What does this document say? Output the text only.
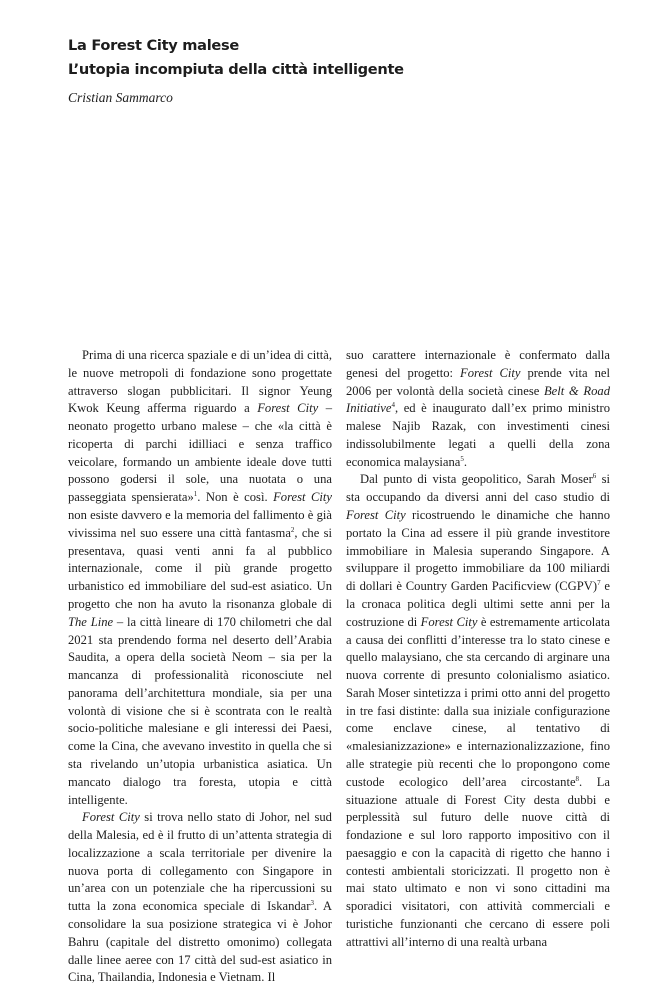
La Forest City malese
L’utopia incompiuta della città intelligente

Cristian Sammarco

Prima di una ricerca spaziale e di un’idea di città, le nuove metropoli di fondazione sono progettate attraverso slogan pubblicitari. Il signor Yeung Kwok Keung afferma riguardo a Forest City – neonato progetto urbano malese – che «la città è ricoperta di parchi idilliaci e senza traffico veicolare, formando un ambiente ideale dove tutti possono godersi il sole, una nuotata o una passeggiata spensierata»$^1$. Non è così. Forest City non esiste davvero e la memoria del fallimento è già vivissima nel suo essere una città fantasma$^2$, che si presentava, quasi venti anni fa al pubblico internazionale, come il più grande progetto urbanistico ed immobiliare del sud-est asiatico. Un progetto che non ha avuto la risonanza globale di The Line – la città lineare di 170 chilometri che dal 2021 sta prendendo forma nel deserto dell’Arabia Saudita, a opera della società Neom – sia per la mancanza di professionalità riconosciute nel panorama dell’architettura mondiale, sia per una volontà di visione che si è scontrata con le realtà socio-politiche malesiane e gli interessi dei Paesi, come la Cina, che avevano investito in quella che si sta rivelando un’utopia urbanistica asiatica. Un mancato dialogo tra foresta, utopia e città intelligente.

Forest City si trova nello stato di Johor, nel sud della Malesia, ed è il frutto di un’attenta strategia di localizzazione a scala territoriale per divenire la nuova porta di collegamento con Singapore in un’area con un potenziale che ha ripercussioni su tutta la zona economica speciale di Iskandar$^3$. A consolidare la sua posizione strategica vi è Johor Bahru (capitale del distretto omonimo) collegata dalle linee aeree con 17 città del sud-est asiatico in Cina, Thailandia, Indonesia e Vietnam. Il

suo carattere internazionale è confermato dalla genesi del progetto: Forest City prende vita nel 2006 per volontà della società cinese Belt & Road Initiative$^4$, ed è inaugurato dall’ex primo ministro malese Najib Razak, con investimenti cinesi indissolubilmente legati a quelli della zona economica malaysiana$^5$.

Dal punto di vista geopolitico, Sarah Moser$^6$ si sta occupando da diversi anni del caso studio di Forest City ricostruendo le dinamiche che hanno portato la Cina ad essere il più grande investitore immobiliare in Malesia superando Singapore. A sviluppare il progetto immobiliare da 100 miliardi di dollari è Country Garden Pacificview (CGPV)$^7$ e la cronaca politica degli ultimi sette anni per la costruzione di Forest City è estremamente articolata a causa dei conflitti d’interesse tra lo stato cinese e quello malaysiano, che sta cercando di arginare una nuova corrente di presunto colonialismo asiatico. Sarah Moser sintetizza i primi otto anni del progetto in tre fasi distinte: dalla sua iniziale configurazione come enclave cinese, al tentativo di «malesianizzazione» e internazionalizzazione, fino alle strategie più recenti che lo propongono come custode ecologico dell’area circostante$^8$. La situazione attuale di Forest City desta dubbi e perplessità sul futuro delle nuove città di fondazione e sul loro rapporto impositivo con il paesaggio e con la capacità di rigetto che hanno i contesti ambientali storicizzati. Il progetto non è mai stato ultimato e non vi sono cittadini ma sporadici visitatori, con attività commerciali e turistiche funzionanti che cercano di essere poli attrattivi all’interno di una realtà urbana
